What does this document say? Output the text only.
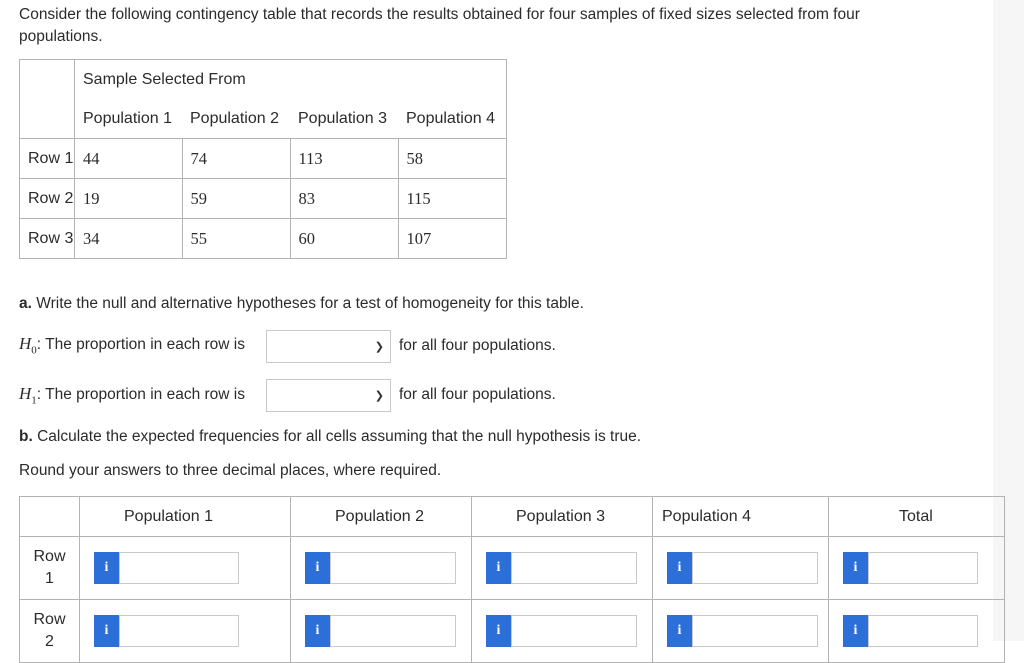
Consider the following contingency table that records the results obtained for four samples of fixed sizes selected from four populations.
	Sample Selected From			
	Population 1	Population 2	Population 3	Population 4
Row 1	44	74	113	58
Row 2	19	59	83	115
Row 3	34	55	60	107
a. Write the null and alternative hypotheses for a test of homogeneity for this table.
$H_0$ : The proportion in each row is	❯ for all four populations.
$H_1$ : The proportion in each row is	❯ for all four populations.
b. Calculate the expected frequencies for all cells assuming that the null hypothesis is true.
Round your answers to three decimal places, where required.
	Population 1	Population 2	Population 3	Population 4	Total
Row
1	i	i	i	i	i

Row
2	i	i	i	i	i
